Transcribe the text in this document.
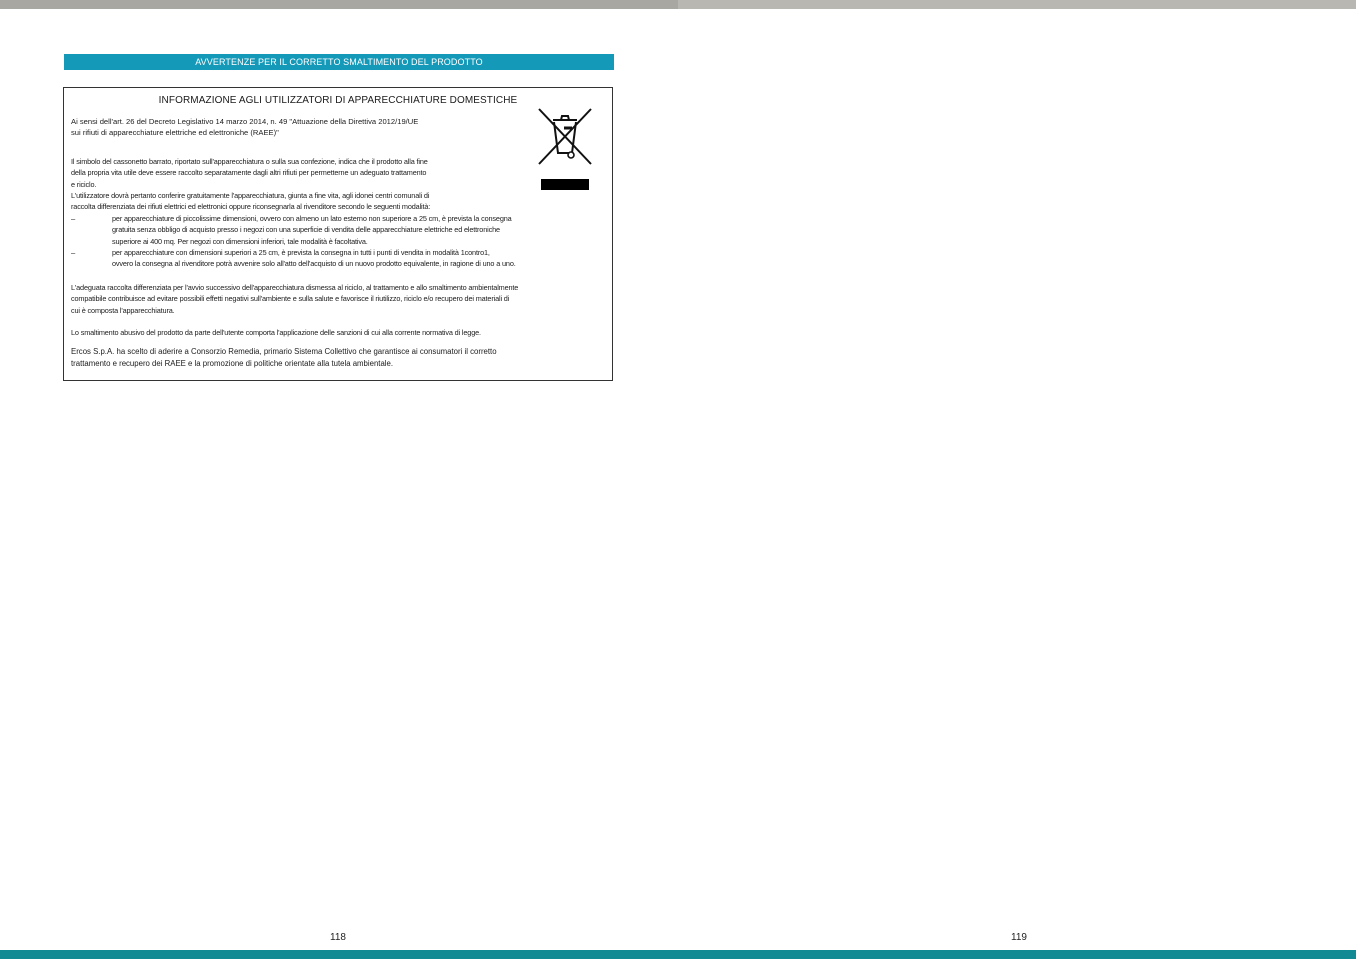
AVVERTENZE PER IL CORRETTO SMALTIMENTO DEL PRODOTTO
INFORMAZIONE AGLI UTILIZZATORI DI APPARECCHIATURE DOMESTICHE
Ai sensi dell'art. 26 del Decreto Legislativo 14 marzo 2014, n. 49 "Attuazione della Direttiva 2012/19/UE
sui rifiuti di apparecchiature elettriche ed elettroniche (RAEE)"
Il simbolo del cassonetto barrato, riportato sull'apparecchiatura o sulla sua confezione, indica che il prodotto alla fine
della propria vita utile deve essere raccolto separatamente dagli altri rifiuti per permetterne un adeguato trattamento
e riciclo.
L'utilizzatore dovrà pertanto conferire gratuitamente l'apparecchiatura, giunta a fine vita, agli idonei centri comunali di
raccolta differenziata dei rifiuti elettrici ed elettronici oppure riconsegnarla al rivenditore secondo le seguenti modalità:
–	per apparecchiature di piccolissime dimensioni, ovvero con almeno un lato esterno non superiore a 25 cm, è prevista la consegna
gratuita senza obbligo di acquisto presso i negozi con una superficie di vendita delle apparecchiature elettriche ed elettroniche
superiore ai 400 mq. Per negozi con dimensioni inferiori, tale modalità è facoltativa.
–	per apparecchiature con dimensioni superiori a 25 cm, è prevista la consegna in tutti i punti di vendita in modalità 1contro1,
ovvero la consegna al rivenditore potrà avvenire solo all'atto dell'acquisto di un nuovo prodotto equivalente, in ragione di uno a uno.
L'adeguata raccolta differenziata per l'avvio successivo dell'apparecchiatura dismessa al riciclo, al trattamento e allo smaltimento ambientalmente
compatibile contribuisce ad evitare possibili effetti negativi sull'ambiente e sulla salute e favorisce il riutilizzo, riciclo e/o recupero dei materiali di
cui è composta l'apparecchiatura.
Lo smaltimento abusivo del prodotto da parte dell'utente comporta l'applicazione delle sanzioni di cui alla corrente normativa di legge.
Ercos S.p.A. ha scelto di aderire a Consorzio Remedia, primario Sistema Collettivo che garantisce ai consumatori il corretto
trattamento e recupero dei RAEE e la promozione di politiche orientate alla tutela ambientale.
118	119
